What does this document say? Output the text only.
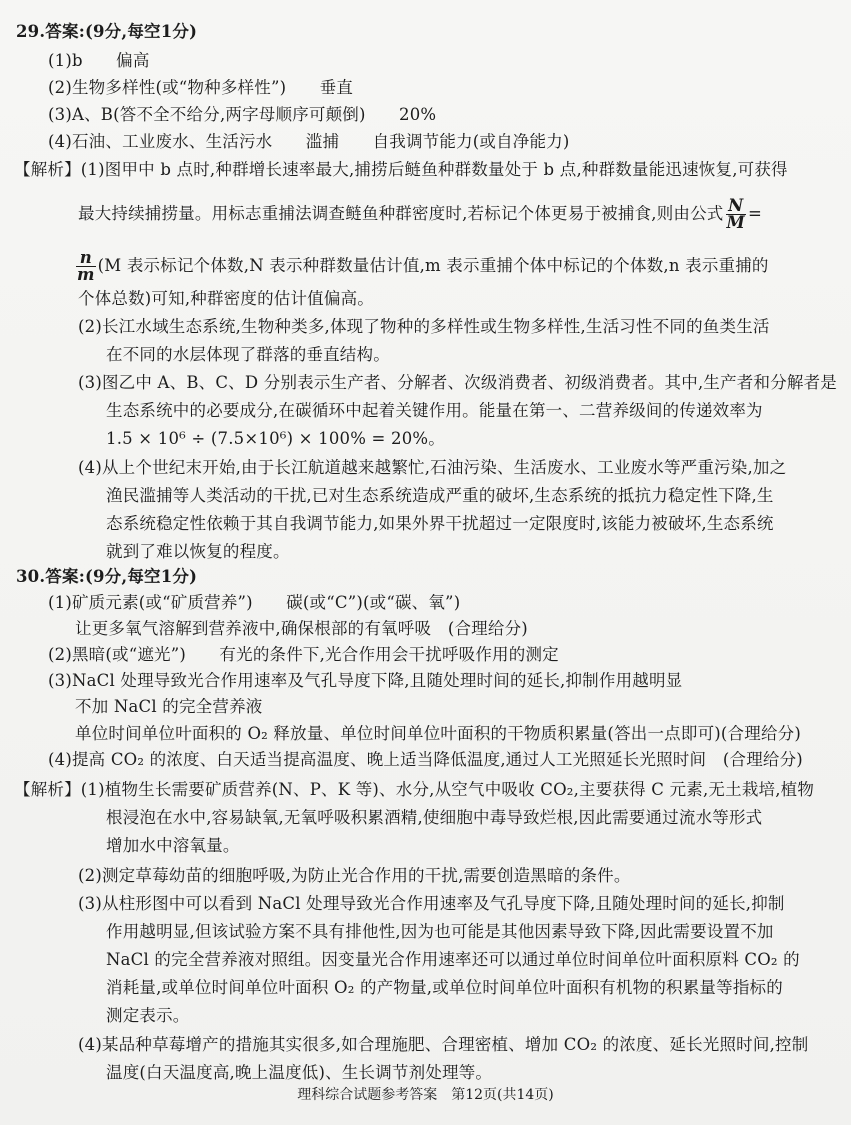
29.答案:(9分,每空1分)
(1)b　　偏高
(2)生物多样性(或“物种多样性”)　　垂直
(3)A、B(答不全不给分,两字母顺序可颠倒)　　20%
(4)石油、工业废水、生活污水　　滥捕　　自我调节能力(或自净能力)
【解析】(1)图甲中 b 点时,种群增长速率最大,捕捞后鲢鱼种群数量处于 b 点,种群数量能迅速恢复,可获得
最大持续捕捞量。用标志重捕法调查鲢鱼种群密度时,若标记个体更易于被捕食,则由公式 $\frac{N}{M}$ =
$\frac{n}{m} (M$ 表示标记个体数,N 表示种群数量估计值,m 表示重捕个体中标记的个体数,n 表示重捕的
个体总数)可知,种群密度的估计值偏高。
(2)长江水域生态系统,生物种类多,体现了物种的多样性或生物多样性,生活习性不同的鱼类生活
在不同的水层体现了群落的垂直结构。
(3)图乙中 A、B、C、D 分别表示生产者、分解者、次级消费者、初级消费者。其中,生产者和分解者是
生态系统中的必要成分,在碳循环中起着关键作用。能量在第一、二营养级间的传递效率为
1.5 × 10⁶ ÷ (7.5×10⁶) × 100% = 20%。
(4)从上个世纪末开始,由于长江航道越来越繁忙,石油污染、生活废水、工业废水等严重污染,加之
渔民滥捕等人类活动的干扰,已对生态系统造成严重的破坏,生态系统的抵抗力稳定性下降,生
态系统稳定性依赖于其自我调节能力,如果外界干扰超过一定限度时,该能力被破坏,生态系统
就到了难以恢复的程度。
30.答案:(9分,每空1分)
(1)矿质元素(或“矿质营养”)　　碳(或“C”)(或“碳、氧”)
让更多氧气溶解到营养液中,确保根部的有氧呼吸　(合理给分)
(2)黑暗(或“遮光”)　　有光的条件下,光合作用会干扰呼吸作用的测定
(3)NaCl 处理导致光合作用速率及气孔导度下降,且随处理时间的延长,抑制作用越明显
不加 NaCl 的完全营养液
单位时间单位叶面积的 O₂ 释放量、单位时间单位叶面积的干物质积累量(答出一点即可)(合理给分)
(4)提高 CO₂ 的浓度、白天适当提高温度、晚上适当降低温度,通过人工光照延长光照时间　(合理给分)
【解析】(1)植物生长需要矿质营养(N、P、K 等)、水分,从空气中吸收 CO₂,主要获得 C 元素,无土栽培,植物
根浸泡在水中,容易缺氧,无氧呼吸积累酒精,使细胞中毒导致烂根,因此需要通过流水等形式
增加水中溶氧量。
(2)测定草莓幼苗的细胞呼吸,为防止光合作用的干扰,需要创造黑暗的条件。
(3)从柱形图中可以看到 NaCl 处理导致光合作用速率及气孔导度下降,且随处理时间的延长,抑制
作用越明显,但该试验方案不具有排他性,因为也可能是其他因素导致下降,因此需要设置不加
NaCl 的完全营养液对照组。因变量光合作用速率还可以通过单位时间单位叶面积原料 CO₂ 的
消耗量,或单位时间单位叶面积 O₂ 的产物量,或单位时间单位叶面积有机物的积累量等指标的
测定表示。
(4)某品种草莓增产的措施其实很多,如合理施肥、合理密植、增加 CO₂ 的浓度、延长光照时间,控制
温度(白天温度高,晚上温度低)、生长调节剂处理等。
理科综合试题参考答案　第12页(共14页)
